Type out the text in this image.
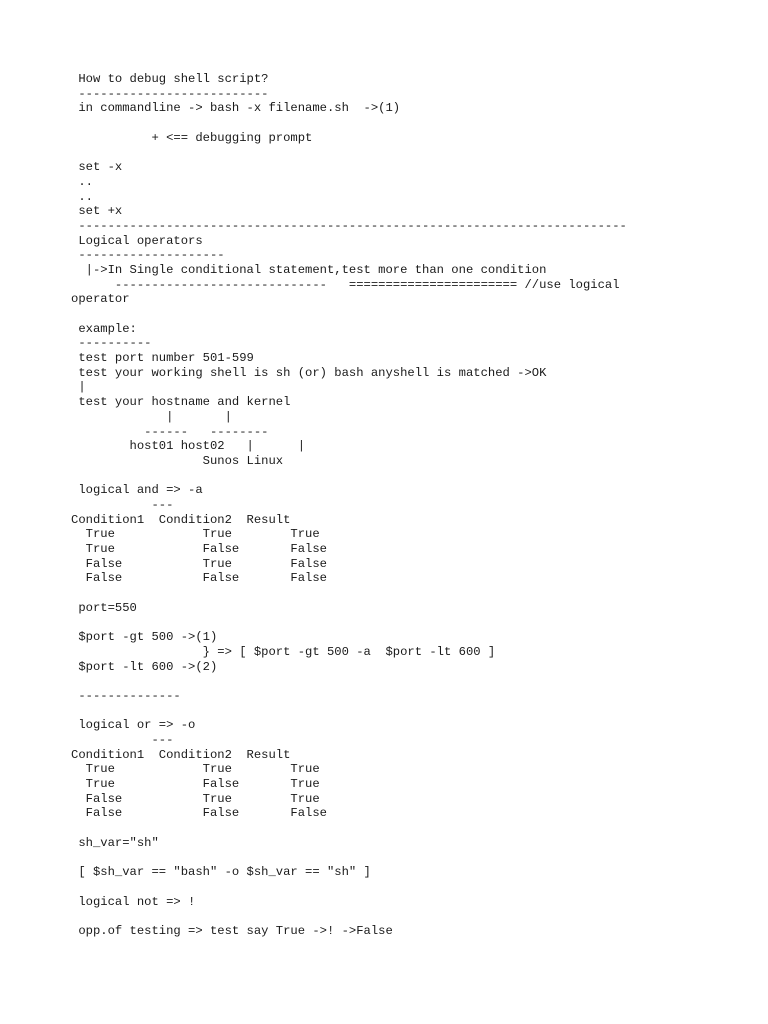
How to debug shell script?
--------------------------
in commandline -> bash -x filename.sh  ->(1)
+ <== debugging prompt
set -x
..
..
set +x
---------------------------------------------------------------------------
Logical operators
--------------------
|->In Single conditional statement,test more than one condition
-----------------------------   ======================= //use logical
operator
example:
----------
test port number 501-599
test your working shell is sh (or) bash anyshell is matched ->OK
|
test your hostname and kernel
|       |
------   --------
host01 host02   |      |
Sunos Linux
logical and => -a
---
Condition1  Condition2  Result
True            True        True
True            False       False
False           True        False
False           False       False
port=550
$port -gt 500 ->(1)
} => [ $port -gt 500 -a  $port -lt 600 ]
$port -lt 600 ->(2)
--------------
logical or => -o
---
Condition1  Condition2  Result
True            True        True
True            False       True
False           True        True
False           False       False
sh_var="sh"
[ $sh_var == "bash" -o $sh_var == "sh" ]
logical not => !
opp.of testing => test say True ->! ->False
